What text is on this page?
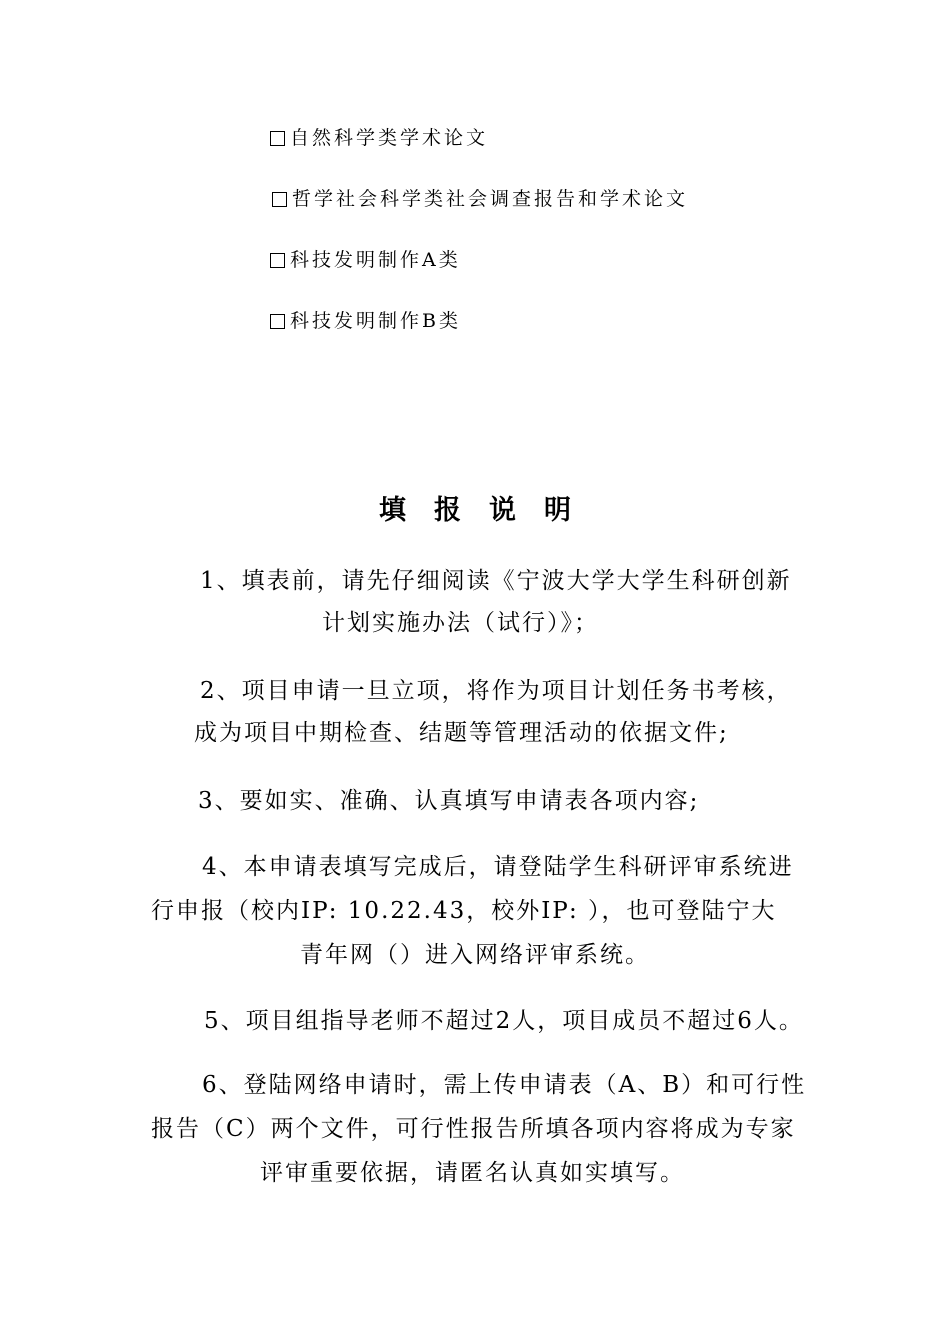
自然科学类学术论文
哲学社会科学类社会调查报告和学术论文
科技发明制作A类
科技发明制作B类
填报说明
1、填表前，请先仔细阅读《宁波大学大学生科研创新
计划实施办法（试行）》；
2、项目申请一旦立项，将作为项目计划任务书考核，
成为项目中期检查、结题等管理活动的依据文件;
3、要如实、准确、认真填写申请表各项内容;
4、本申请表填写完成后，请登陆学生科研评审系统进
行申报（校内IP: 10.22.43，校外IP: ），也可登陆宁大
青年网（）进入网络评审系统。
5、项目组指导老师不超过2人，项目成员不超过6人。
6、登陆网络申请时，需上传申请表（A、B）和可行性
报告（C）两个文件，可行性报告所填各项内容将成为专家
评审重要依据，请匿名认真如实填写。
